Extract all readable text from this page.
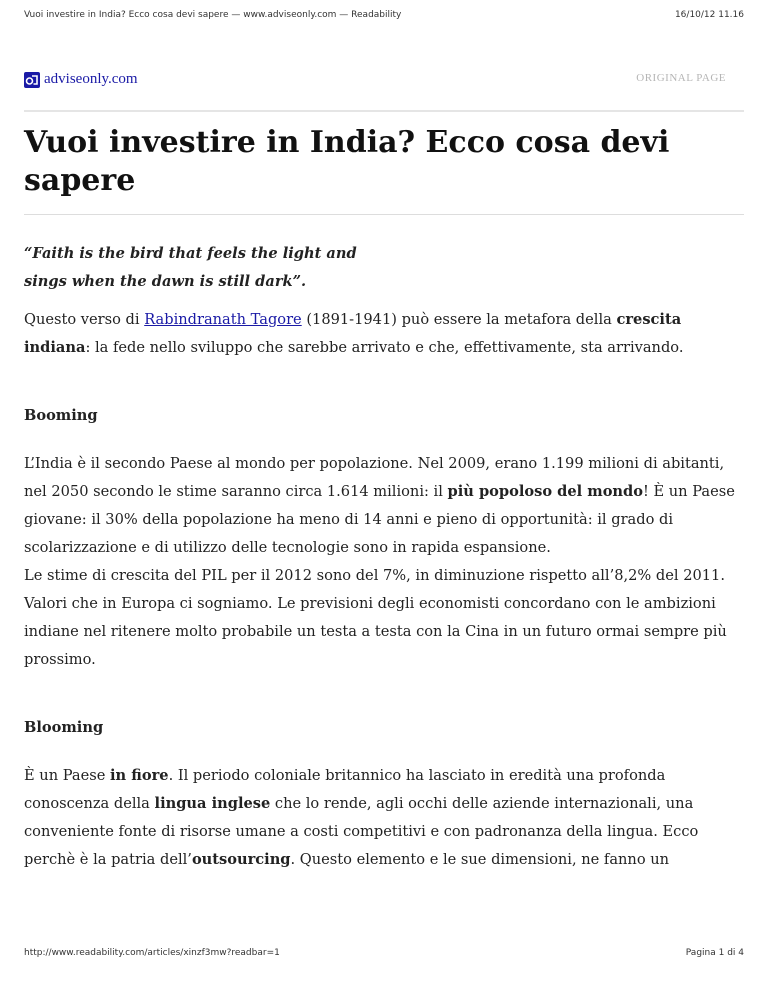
Vuoi investire in India? Ecco cosa devi sapere — www.adviseonly.com — Readability	16/10/12 11.16
adviseonly.com	ORIGINAL PAGE
Vuoi investire in India? Ecco cosa devi sapere

“Faith is the bird that feels the light and
sings when the dawn is still dark”.

Questo verso di Rabindranath Tagore (1891-1941) può essere la metafora della crescita indiana: la fede nello sviluppo che sarebbe arrivato e che, effettivamente, sta arrivando.

Booming

L’India è il secondo Paese al mondo per popolazione. Nel 2009, erano 1.199 milioni di abitanti, nel 2050 secondo le stime saranno circa 1.614 milioni: il più popoloso del mondo! È un Paese giovane: il 30% della popolazione ha meno di 14 anni e pieno di opportunità: il grado di scolarizzazione e di utilizzo delle tecnologie sono in rapida espansione.

Le stime di crescita del PIL per il 2012 sono del 7%, in diminuzione rispetto all’8,2% del 2011. Valori che in Europa ci sogniamo. Le previsioni degli economisti concordano con le ambizioni indiane nel ritenere molto probabile un testa a testa con la Cina in un futuro ormai sempre più prossimo.

Blooming

È un Paese in fiore. Il periodo coloniale britannico ha lasciato in eredità una profonda conoscenza della lingua inglese che lo rende, agli occhi delle aziende internazionali, una conveniente fonte di risorse umane a costi competitivi e con padronanza della lingua. Ecco perchè è la patria dell’outsourcing. Questo elemento e le sue dimensioni, ne fanno un

http://www.readability.com/articles/xinzf3mw?readbar=1	Pagina 1 di 4
